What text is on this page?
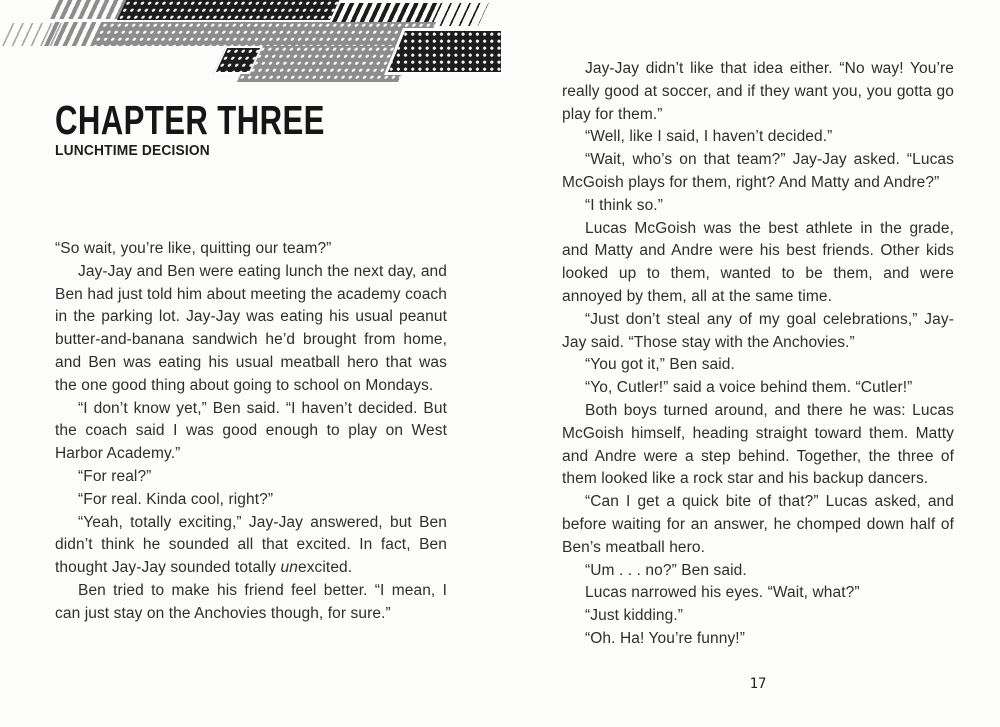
CHAPTER THREE
LUNCHTIME DECISION

“So wait, you’re like, quitting our team?”

Jay-Jay and Ben were eating lunch the next day, and Ben had just told him about meeting the academy coach in the parking lot. Jay-Jay was eating his usual peanut butter-and-banana sandwich he’d brought from home, and Ben was eating his usual meatball hero that was the one good thing about going to school on Mondays.

“I don’t know yet,” Ben said. “I haven’t decided. But the coach said I was good enough to play on West Harbor Academy.”

“For real?”

“For real. Kinda cool, right?”

“Yeah, totally exciting,” Jay-Jay answered, but Ben didn’t think he sounded all that excited. In fact, Ben thought Jay-Jay sounded totally unexcited.

Ben tried to make his friend feel better. “I mean, I can just stay on the Anchovies though, for sure.”

Jay-Jay didn’t like that idea either. “No way! You’re really good at soccer, and if they want you, you gotta go play for them.”

“Well, like I said, I haven’t decided.”

“Wait, who’s on that team?” Jay-Jay asked. “Lucas McGoish plays for them, right? And Matty and Andre?”

“I think so.”

Lucas McGoish was the best athlete in the grade, and Matty and Andre were his best friends. Other kids looked up to them, wanted to be them, and were annoyed by them, all at the same time.

“Just don’t steal any of my goal celebrations,” Jay-Jay said. “Those stay with the Anchovies.”

“You got it,” Ben said.

“Yo, Cutler!” said a voice behind them. “Cutler!”

Both boys turned around, and there he was: Lucas McGoish himself, heading straight toward them. Matty and Andre were a step behind. Together, the three of them looked like a rock star and his backup dancers.

“Can I get a quick bite of that?” Lucas asked, and before waiting for an answer, he chomped down half of Ben’s meatball hero.

“Um . . . no?” Ben said.

Lucas narrowed his eyes. “Wait, what?”

“Just kidding.”

“Oh. Ha! You’re funny!”

17
